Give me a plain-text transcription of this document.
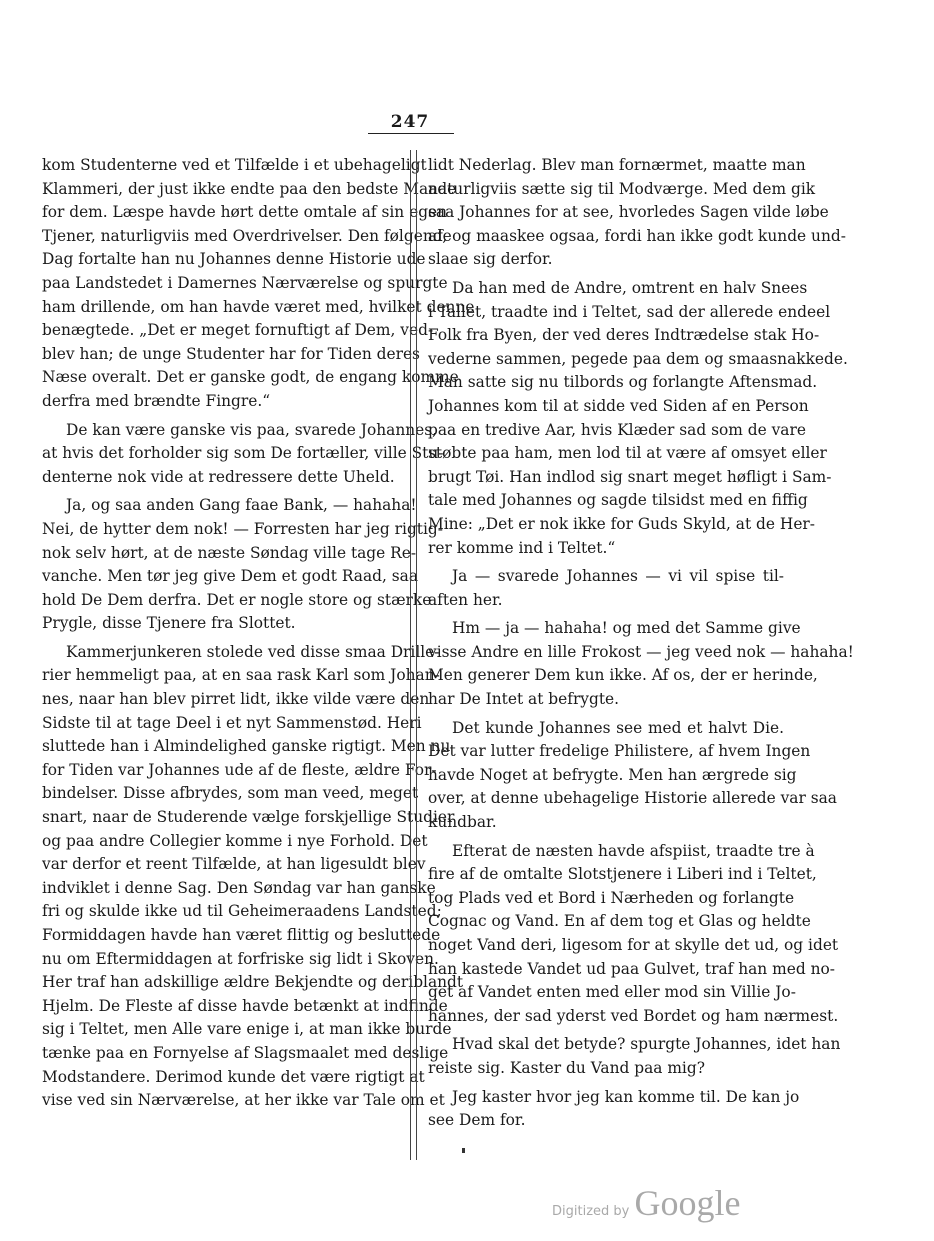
247
kom Studenterne ved et Tilfælde i et ubehageligt
Klammeri, der just ikke endte paa den bedste Maade
for dem. Læspe havde hørt dette omtale af sin egen
Tjener, naturligviis med Overdrivelser. Den følgende
Dag fortalte han nu Johannes denne Historie ude
paa Landstedet i Damernes Nærværelse og spurgte
ham drillende, om han havde været med, hvilket denne
benægtede. „Det er meget fornuftigt af Dem, ved-
blev han; de unge Studenter har for Tiden deres
Næse overalt. Det er ganske godt, de engang komme
derfra med brændte Fingre.“
De kan være ganske vis paa, svarede Johannes,
at hvis det forholder sig som De fortæller, ville Stu-
denterne nok vide at redressere dette Uheld.
Ja, og saa anden Gang faae Bank, — hahaha!
Nei, de hytter dem nok! — Forresten har jeg rigtig-
nok selv hørt, at de næste Søndag ville tage Re-
vanche. Men tør jeg give Dem et godt Raad, saa
hold De Dem derfra. Det er nogle store og stærke
Prygle, disse Tjenere fra Slottet.
Kammerjunkeren stolede ved disse smaa Drille-
rier hemmeligt paa, at en saa rask Karl som Johan-
nes, naar han blev pirret lidt, ikke vilde være den
Sidste til at tage Deel i et nyt Sammenstød. Heri
sluttede han i Almindelighed ganske rigtigt. Men nu
for Tiden var Johannes ude af de fleste, ældre For-
bindelser. Disse afbrydes, som man veed, meget
snart, naar de Studerende vælge forskjellige Studier
og paa andre Collegier komme i nye Forhold. Det
var derfor et reent Tilfælde, at han ligesuldt blev
indviklet i denne Sag. Den Søndag var han ganske
fri og skulde ikke ud til Geheimeraadens Landsted;
Formiddagen havde han været flittig og besluttede
nu om Eftermiddagen at forfriske sig lidt i Skoven.
Her traf han adskillige ældre Bekjendte og deriblandt
Hjelm. De Fleste af disse havde betænkt at indfinde
sig i Teltet, men Alle vare enige i, at man ikke burde
tænke paa en Fornyelse af Slagsmaalet med deslige
Modstandere. Derimod kunde det være rigtigt at
vise ved sin Nærværelse, at her ikke var Tale om et
lidt Nederlag. Blev man fornærmet, maatte man
naturligviis sætte sig til Modværge. Med dem gik
saa Johannes for at see, hvorledes Sagen vilde løbe
af, og maaskee ogsaa, fordi han ikke godt kunde und-
slaae sig derfor.
Da han med de Andre, omtrent en halv Snees
i Tallet, traadte ind i Teltet, sad der allerede endeel
Folk fra Byen, der ved deres Indtrædelse stak Ho-
vederne sammen, pegede paa dem og smaasnakkede.
Man satte sig nu tilbords og forlangte Aftensmad.
Johannes kom til at sidde ved Siden af en Person
paa en tredive Aar, hvis Klæder sad som de vare
støbte paa ham, men lod til at være af omsyet eller
brugt Tøi. Han indlod sig snart meget høfligt i Sam-
tale med Johannes og sagde tilsidst med en fiffig
Mine: „Det er nok ikke for Guds Skyld, at de Her-
rer komme ind i Teltet.“
Ja — svarede Johannes — vi vil spise til-
aften her.
Hm — ja — hahaha! og med det Samme give
visse Andre en lille Frokost — jeg veed nok — hahaha!
Men generer Dem kun ikke. Af os, der er herinde,
har De Intet at befrygte.
Det kunde Johannes see med et halvt Die.
Det var lutter fredelige Philistere, af hvem Ingen
havde Noget at befrygte. Men han ærgrede sig
over, at denne ubehagelige Historie allerede var saa
kundbar.
Efterat de næsten havde afspiist, traadte tre à
fire af de omtalte Slotstjenere i Liberi ind i Teltet,
tog Plads ved et Bord i Nærheden og forlangte
Cognac og Vand. En af dem tog et Glas og heldte
noget Vand deri, ligesom for at skylle det ud, og idet
han kastede Vandet ud paa Gulvet, traf han med no-
get af Vandet enten med eller mod sin Villie Jo-
hannes, der sad yderst ved Bordet og ham nærmest.
Hvad skal det betyde? spurgte Johannes, idet han
reiste sig. Kaster du Vand paa mig?
Jeg kaster hvor jeg kan komme til. De kan jo
see Dem for.
Digitized by Google
